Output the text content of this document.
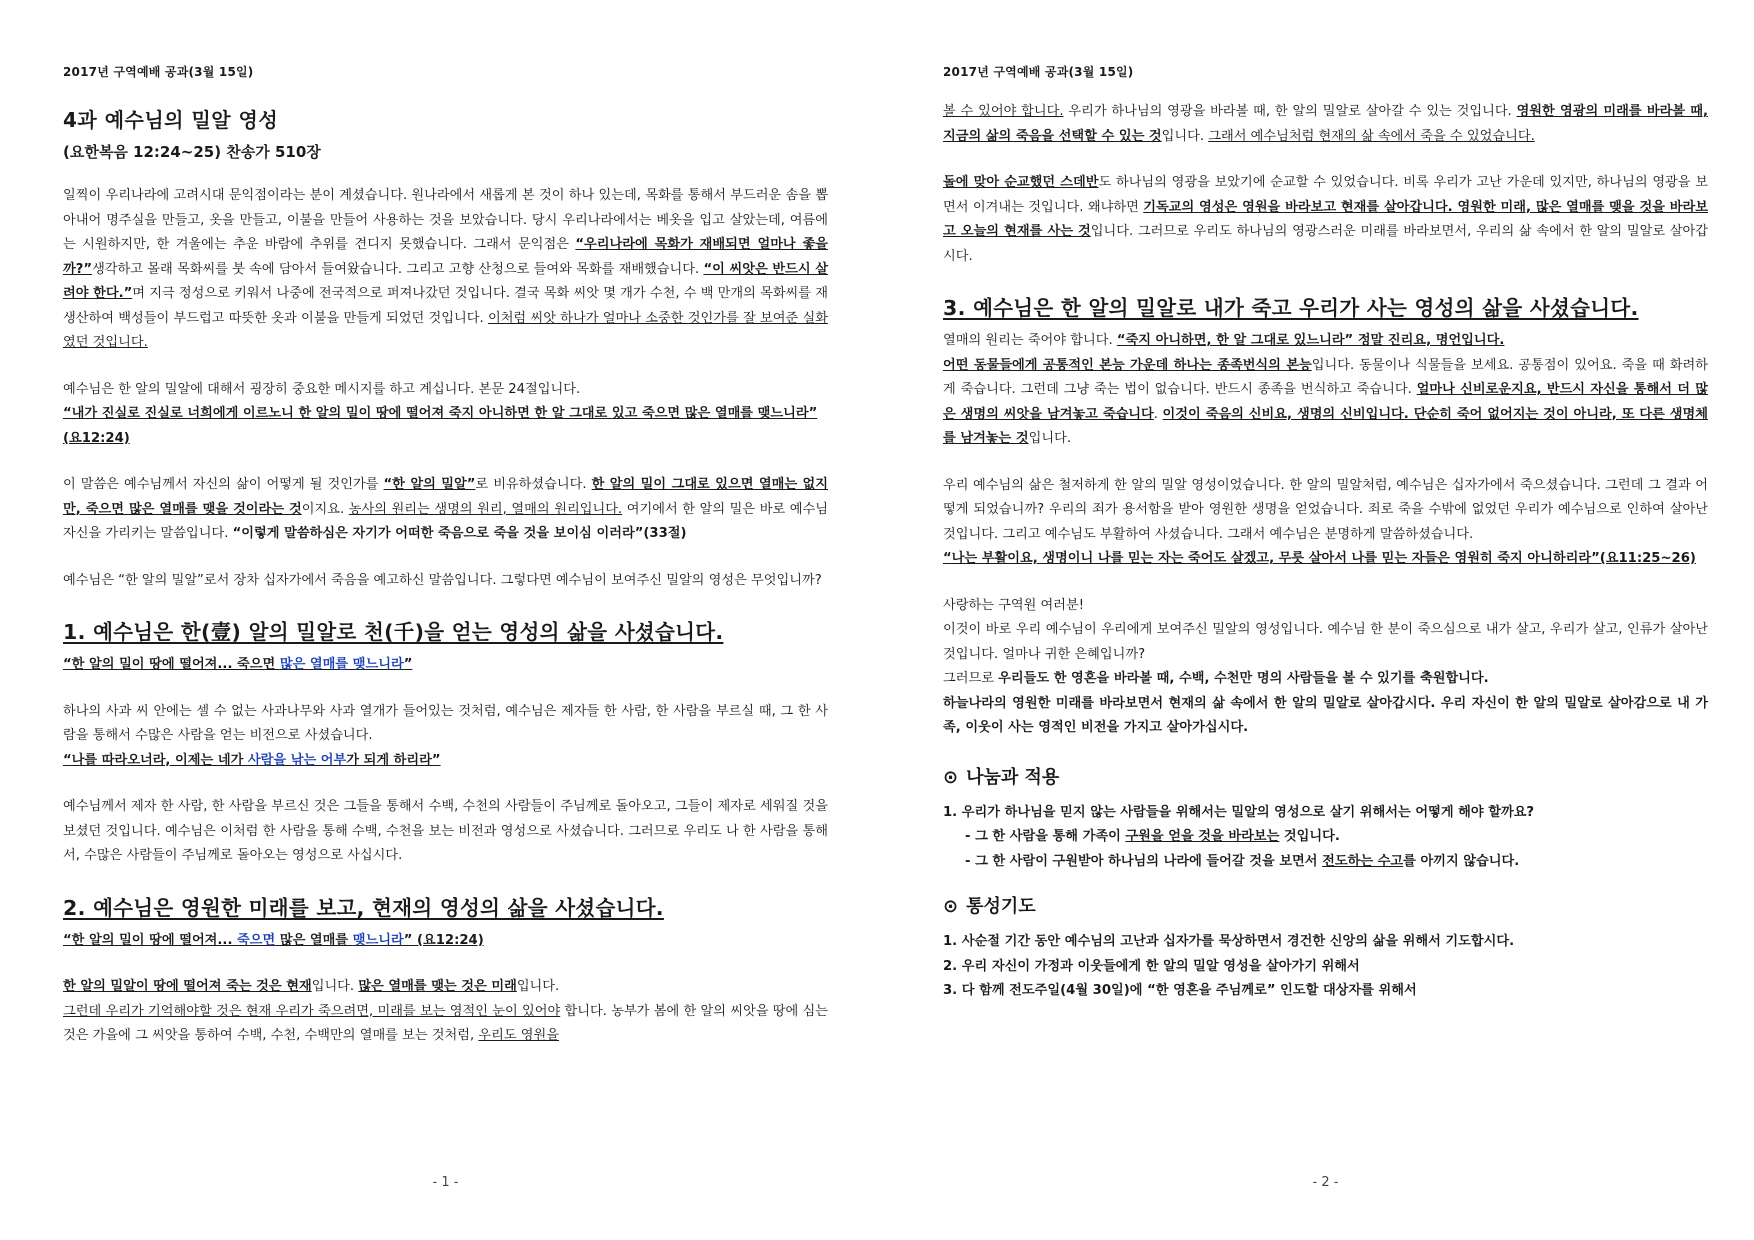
2017년 구역예배 공과(3월 15일)
4과 예수님의 밀알 영성
(요한복음 12:24~25) 찬송가 510장

일찍이 우리나라에 고려시대 문익점이라는 분이 계셨습니다. 원나라에서 새롭게 본 것이 하나 있는데, 목화를 통해서 부드러운 솜을 뽑아내어 명주실을 만들고, 옷을 만들고, 이불을 만들어 사용하는 것을 보았습니다. 당시 우리나라에서는 베옷을 입고 살았는데, 여름에는 시원하지만, 한 겨울에는 추운 바람에 추위를 견디지 못했습니다. 그래서 문익점은 “우리나라에 목화가 재배되면 얼마나 좋을까?”생각하고 몰래 목화씨를 붓 속에 담아서 들여왔습니다. 그리고 고향 산청으로 들여와 목화를 재배했습니다. “이 씨앗은 반드시 살려야 한다.”며 지극 정성으로 키워서 나중에 전국적으로 퍼져나갔던 것입니다. 결국 목화 씨앗 몇 개가 수천, 수 백 만개의 목화씨를 재생산하여 백성들이 부드럽고 따뜻한 옷과 이불을 만들게 되었던 것입니다. 이처럼 씨앗 하나가 얼마나 소중한 것인가를 잘 보여준 실화였던 것입니다.

예수님은 한 알의 밀알에 대해서 굉장히 중요한 메시지를 하고 계십니다. 본문 24절입니다.

“내가 진실로 진실로 너희에게 이르노니 한 알의 밀이 땅에 떨어져 죽지 아니하면 한 알 그대로 있고 죽으면 많은 열매를 맺느니라” (요12:24)

이 말씀은 예수님께서 자신의 삶이 어떻게 될 것인가를 “한 알의 밀알”로 비유하셨습니다. 한 알의 밀이 그대로 있으면 열매는 없지만, 죽으면 많은 열매를 맺을 것이라는 것이지요. 농사의 원리는 생명의 원리, 열매의 원리입니다. 여기에서 한 알의 밀은 바로 예수님 자신을 가리키는 말씀입니다. “이렇게 말씀하심은 자기가 어떠한 죽음으로 죽을 것을 보이심 이러라”(33절)

예수님은 “한 알의 밀알”로서 장차 십자가에서 죽음을 예고하신 말씀입니다. 그렇다면 예수님이 보여주신 밀알의 영성은 무엇입니까?

1. 예수님은 한(壹) 알의 밀알로 천(千)을 얻는 영성의 삶을 사셨습니다.

“한 알의 밀이 땅에 떨어져... 죽으면 많은 열매를 맺느니라”

하나의 사과 씨 안에는 셀 수 없는 사과나무와 사과 열개가 들어있는 것처럼, 예수님은 제자들 한 사람, 한 사람을 부르실 때, 그 한 사람을 통해서 수많은 사람을 얻는 비전으로 사셨습니다.

“나를 따라오너라, 이제는 네가 사람을 낚는 어부가 되게 하리라”

예수님께서 제자 한 사람, 한 사람을 부르신 것은 그들을 통해서 수백, 수천의 사람들이 주님께로 돌아오고, 그들이 제자로 세워질 것을 보셨던 것입니다. 예수님은 이처럼 한 사람을 통해 수백, 수천을 보는 비전과 영성으로 사셨습니다. 그러므로 우리도 나 한 사람을 통해서, 수많은 사람들이 주님께로 돌아오는 영성으로 사십시다.

2. 예수님은 영원한 미래를 보고, 현재의 영성의 삶을 사셨습니다.

“한 알의 밀이 땅에 떨어져... 죽으면 많은 열매를 맺느니라” (요12:24)

한 알의 밀알이 땅에 떨어져 죽는 것은 현재입니다. 많은 열매를 맺는 것은 미래입니다.

그런데 우리가 기억해야할 것은 현재 우리가 죽으려면, 미래를 보는 영적인 눈이 있어야 합니다. 농부가 봄에 한 알의 씨앗을 땅에 심는 것은 가을에 그 씨앗을 통하여 수백, 수천, 수백만의 열매를 보는 것처럼, 우리도 영원을

- 1 -
2017년 구역예배 공과(3월 15일)

볼 수 있어야 합니다. 우리가 하나님의 영광을 바라볼 때, 한 알의 밀알로 살아갈 수 있는 것입니다. 영원한 영광의 미래를 바라볼 때, 지금의 삶의 죽음을 선택할 수 있는 것입니다. 그래서 예수님처럼 현재의 삶 속에서 죽을 수 있었습니다.

돌에 맞아 순교했던 스데반도 하나님의 영광을 보았기에 순교할 수 있었습니다. 비록 우리가 고난 가운데 있지만, 하나님의 영광을 보면서 이겨내는 것입니다. 왜냐하면 기독교의 영성은 영원을 바라보고 현재를 살아갑니다. 영원한 미래, 많은 열매를 맺을 것을 바라보고 오늘의 현재를 사는 것입니다. 그러므로 우리도 하나님의 영광스러운 미래를 바라보면서, 우리의 삶 속에서 한 알의 밀알로 살아갑시다.

3. 예수님은 한 알의 밀알로 내가 죽고 우리가 사는 영성의 삶을 사셨습니다.

열매의 원리는 죽어야 합니다. “죽지 아니하면, 한 알 그대로 있느니라” 정말 진리요, 명언입니다.
어떤 동물들에게 공통적인 본능 가운데 하나는 종족번식의 본능입니다. 동물이나 식물들을 보세요. 공통점이 있어요. 죽을 때 화려하게 죽습니다. 그런데 그냥 죽는 법이 없습니다. 반드시 종족을 번식하고 죽습니다. 얼마나 신비로운지요, 반드시 자신을 통해서 더 많은 생명의 씨앗을 남겨놓고 죽습니다. 이것이 죽음의 신비요, 생명의 신비입니다. 단순히 죽어 없어지는 것이 아니라, 또 다른 생명체를 남겨놓는 것입니다.

우리 예수님의 삶은 철저하게 한 알의 밀알 영성이었습니다. 한 알의 밀알처럼, 예수님은 십자가에서 죽으셨습니다. 그런데 그 결과 어떻게 되었습니까? 우리의 죄가 용서함을 받아 영원한 생명을 얻었습니다. 죄로 죽을 수밖에 없었던 우리가 예수님으로 인하여 살아난 것입니다. 그리고 예수님도 부활하여 사셨습니다. 그래서 예수님은 분명하게 말씀하셨습니다.

“나는 부활이요, 생명이니 나를 믿는 자는 죽어도 살겠고, 무릇 살아서 나를 믿는 자들은 영원히 죽지 아니하리라”(요11:25~26)

사랑하는 구역원 여러분!

이것이 바로 우리 예수님이 우리에게 보여주신 밀알의 영성입니다. 예수님 한 분이 죽으심으로 내가 살고, 우리가 살고, 인류가 살아난 것입니다. 얼마나 귀한 은혜입니까?

그러므로 우리들도 한 영혼을 바라볼 때, 수백, 수천만 명의 사람들을 볼 수 있기를 축원합니다.

하늘나라의 영원한 미래를 바라보면서 현재의 삶 속에서 한 알의 밀알로 살아갑시다. 우리 자신이 한 알의 밀알로 살아감으로 내 가족, 이웃이 사는 영적인 비전을 가지고 살아가십시다.

⊙ 나눔과 적용
1. 우리가 하나님을 믿지 않는 사람들을 위해서는 밀알의 영성으로 살기 위해서는 어떻게 해야 할까요?
- 그 한 사람을 통해 가족이 구원을 얻을 것을 바라보는 것입니다.
- 그 한 사람이 구원받아 하나님의 나라에 들어갈 것을 보면서 전도하는 수고를 아끼지 않습니다.
⊙ 통성기도
1. 사순절 기간 동안 예수님의 고난과 십자가를 묵상하면서 경건한 신앙의 삶을 위해서 기도합시다.
2. 우리 자신이 가정과 이웃들에게 한 알의 밀알 영성을 살아가기 위해서
3. 다 함께 전도주일(4월 30일)에 “한 영혼을 주님께로” 인도할 대상자를 위해서
- 2 -
